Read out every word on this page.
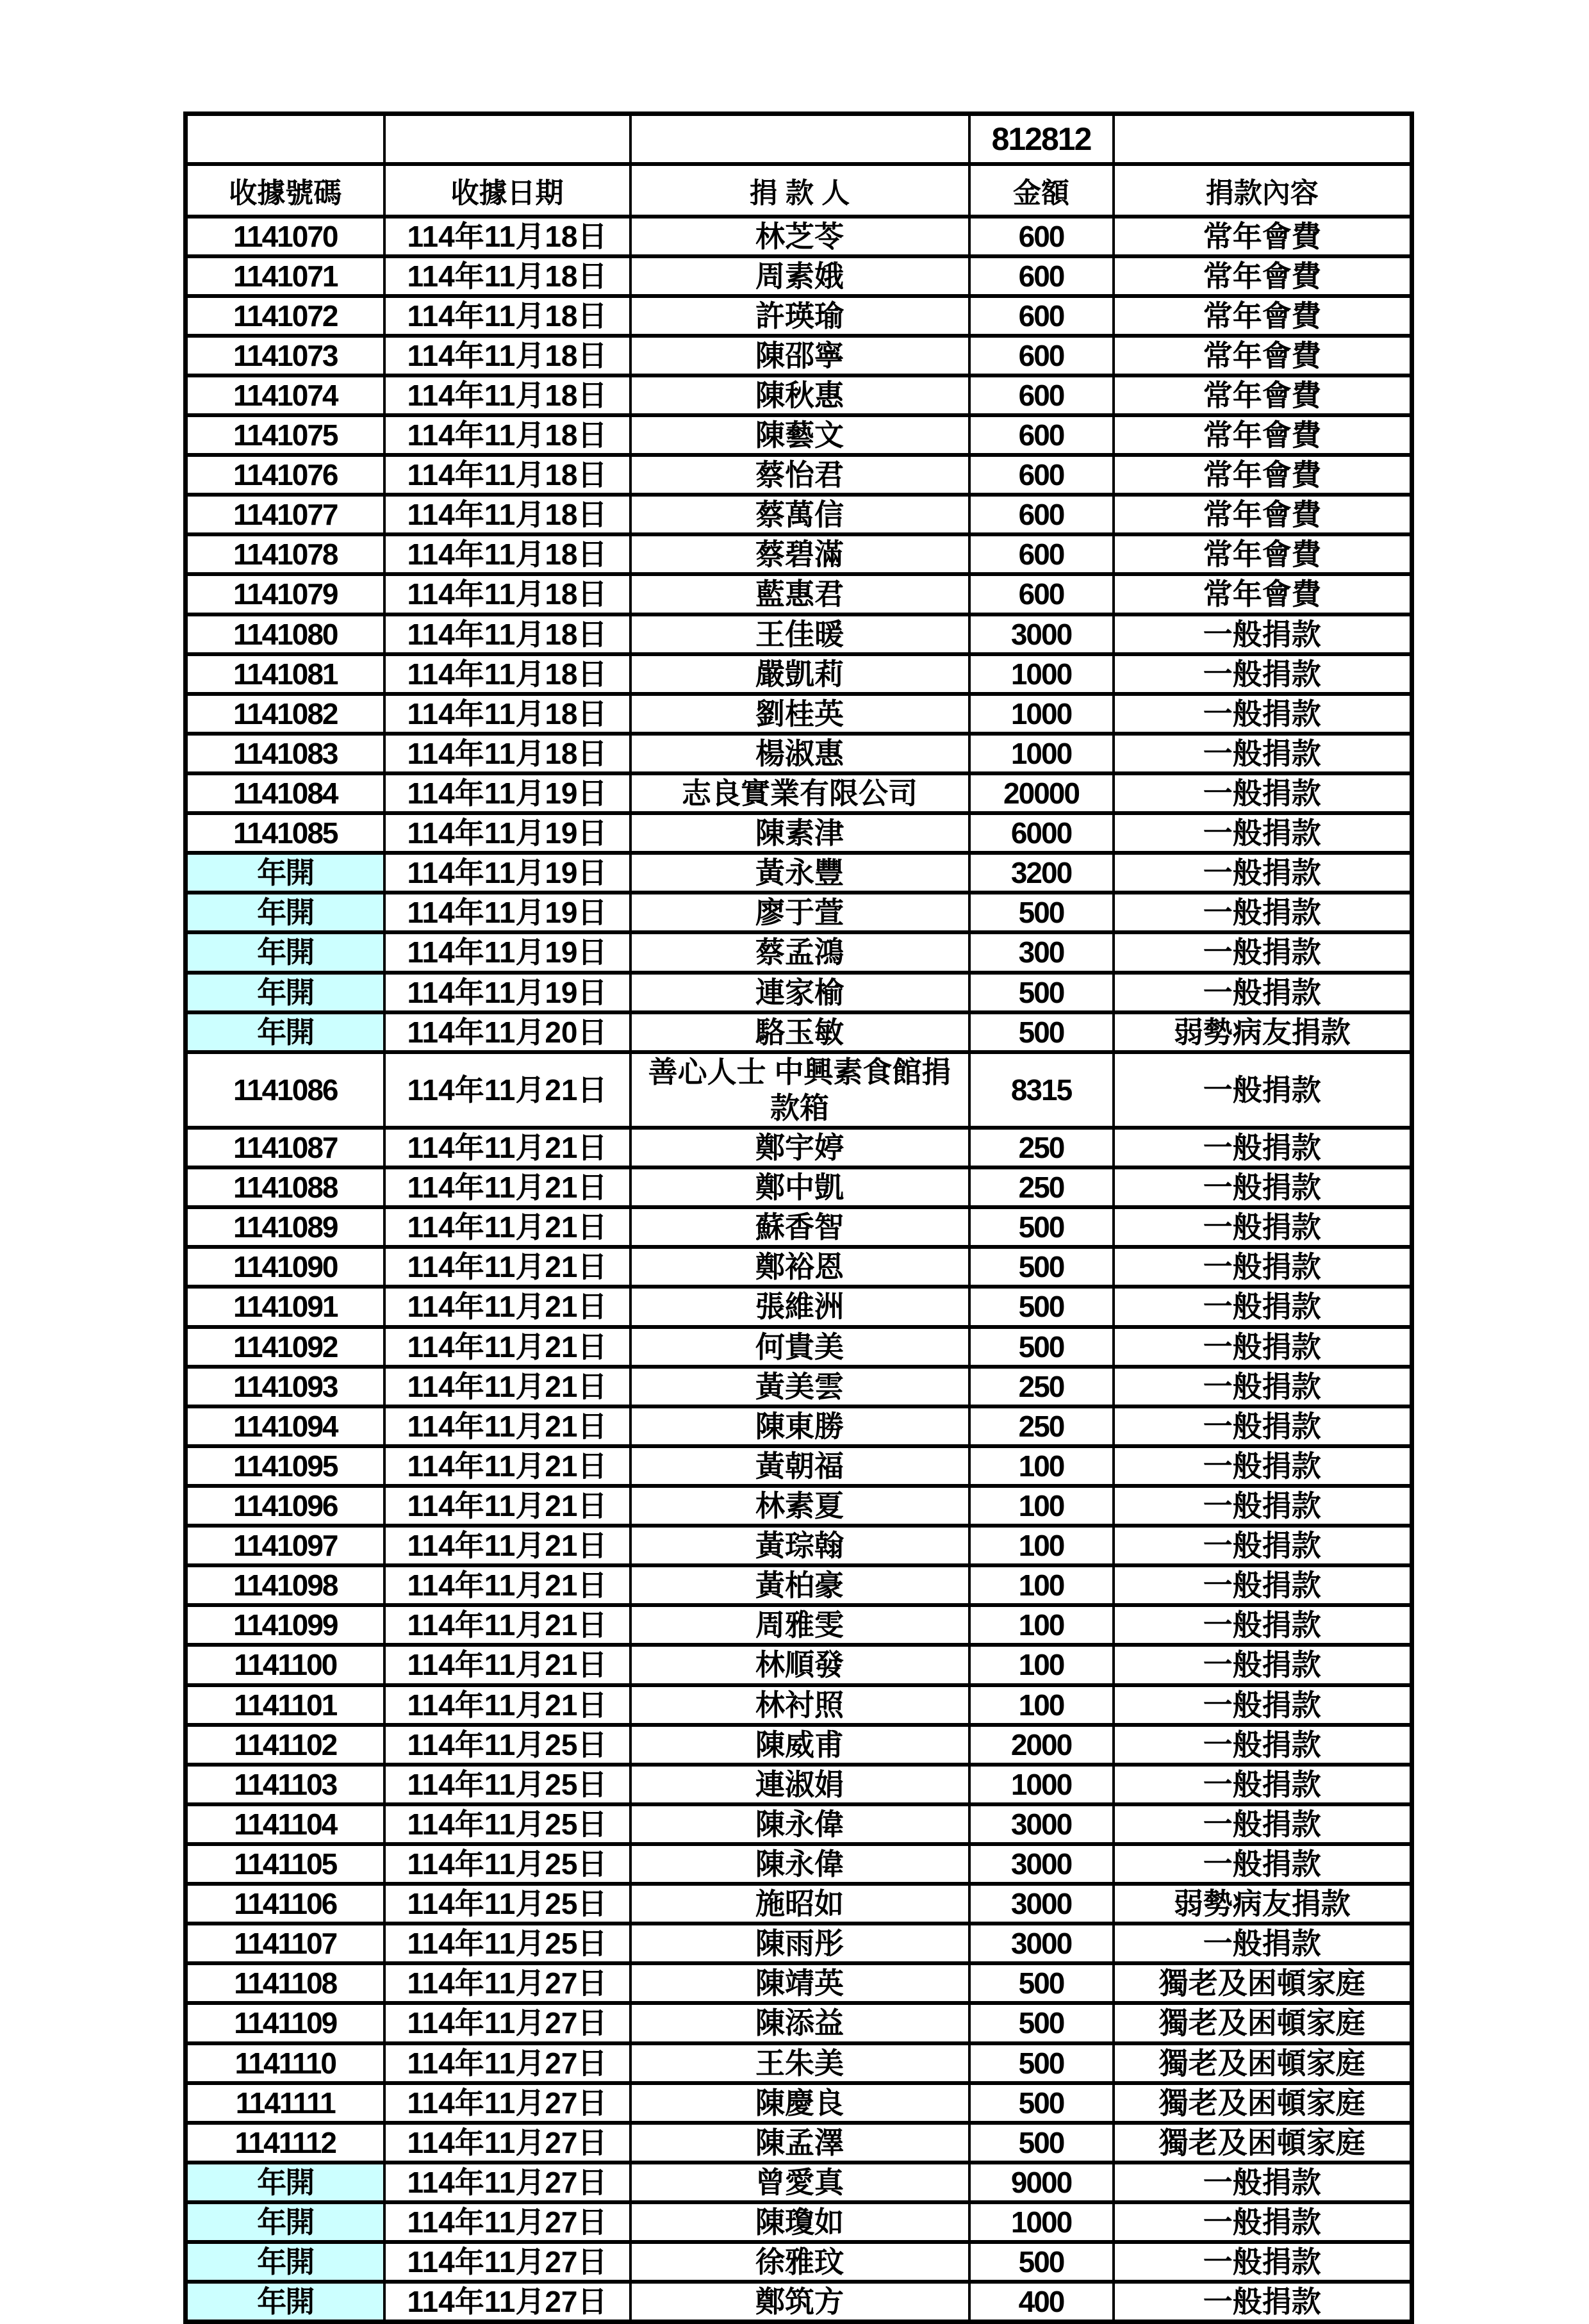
			812812	
收據號碼	收據日期	捐 款 人	金額	捐款內容
1141070	114年11月18日	林芝苓	600	常年會費
1141071	114年11月18日	周素娥	600	常年會費
1141072	114年11月18日	許瑛瑜	600	常年會費
1141073	114年11月18日	陳邵寧	600	常年會費
1141074	114年11月18日	陳秋惠	600	常年會費
1141075	114年11月18日	陳藝文	600	常年會費
1141076	114年11月18日	蔡怡君	600	常年會費
1141077	114年11月18日	蔡萬信	600	常年會費
1141078	114年11月18日	蔡碧滿	600	常年會費
1141079	114年11月18日	藍惠君	600	常年會費
1141080	114年11月18日	王佳暖	3000	一般捐款
1141081	114年11月18日	嚴凱莉	1000	一般捐款
1141082	114年11月18日	劉桂英	1000	一般捐款
1141083	114年11月18日	楊淑惠	1000	一般捐款
1141084	114年11月19日	志良實業有限公司	20000	一般捐款
1141085	114年11月19日	陳素津	6000	一般捐款
年開	114年11月19日	黃永豐	3200	一般捐款
年開	114年11月19日	廖于萱	500	一般捐款
年開	114年11月19日	蔡孟鴻	300	一般捐款
年開	114年11月19日	連家榆	500	一般捐款
年開	114年11月20日	駱玉敏	500	弱勢病友捐款
1141086	114年11月21日	善心人士 中興素食館捐款箱	8315	一般捐款
1141087	114年11月21日	鄭宇婷	250	一般捐款
1141088	114年11月21日	鄭中凱	250	一般捐款
1141089	114年11月21日	蘇香智	500	一般捐款
1141090	114年11月21日	鄭裕恩	500	一般捐款
1141091	114年11月21日	張維洲	500	一般捐款
1141092	114年11月21日	何貴美	500	一般捐款
1141093	114年11月21日	黃美雲	250	一般捐款
1141094	114年11月21日	陳東勝	250	一般捐款
1141095	114年11月21日	黃朝福	100	一般捐款
1141096	114年11月21日	林素夏	100	一般捐款
1141097	114年11月21日	黃琮翰	100	一般捐款
1141098	114年11月21日	黃柏豪	100	一般捐款
1141099	114年11月21日	周雅雯	100	一般捐款
1141100	114年11月21日	林順發	100	一般捐款
1141101	114年11月21日	林衬照	100	一般捐款
1141102	114年11月25日	陳威甫	2000	一般捐款
1141103	114年11月25日	連淑娟	1000	一般捐款
1141104	114年11月25日	陳永偉	3000	一般捐款
1141105	114年11月25日	陳永偉	3000	一般捐款
1141106	114年11月25日	施昭如	3000	弱勢病友捐款
1141107	114年11月25日	陳雨彤	3000	一般捐款
1141108	114年11月27日	陳靖英	500	獨老及困頓家庭
1141109	114年11月27日	陳添益	500	獨老及困頓家庭
1141110	114年11月27日	王朱美	500	獨老及困頓家庭
1141111	114年11月27日	陳慶良	500	獨老及困頓家庭
1141112	114年11月27日	陳孟澤	500	獨老及困頓家庭
年開	114年11月27日	曾愛真	9000	一般捐款
年開	114年11月27日	陳瓊如	1000	一般捐款
年開	114年11月27日	徐雅玟	500	一般捐款
年開	114年11月27日	鄭筑方	400	一般捐款
